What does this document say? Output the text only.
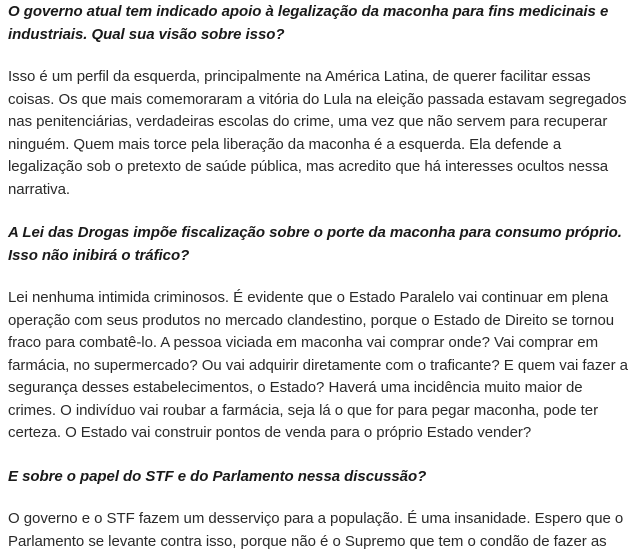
O governo atual tem indicado apoio à legalização da maconha para fins medicinais e industriais. Qual sua visão sobre isso?

Isso é um perfil da esquerda, principalmente na América Latina, de querer facilitar essas coisas. Os que mais comemoraram a vitória do Lula na eleição passada estavam segregados nas penitenciárias, verdadeiras escolas do crime, uma vez que não servem para recuperar ninguém. Quem mais torce pela liberação da maconha é a esquerda. Ela defende a legalização sob o pretexto de saúde pública, mas acredito que há interesses ocultos nessa narrativa.

A Lei das Drogas impõe fiscalização sobre o porte da maconha para consumo próprio. Isso não inibirá o tráfico?

Lei nenhuma intimida criminosos. É evidente que o Estado Paralelo vai continuar em plena operação com seus produtos no mercado clandestino, porque o Estado de Direito se tornou fraco para combatê-lo. A pessoa viciada em maconha vai comprar onde? Vai comprar em farmácia, no supermercado? Ou vai adquirir diretamente com o traficante? E quem vai fazer a segurança desses estabelecimentos, o Estado? Haverá uma incidência muito maior de crimes. O indivíduo vai roubar a farmácia, seja lá o que for para pegar maconha, pode ter certeza. O Estado vai construir pontos de venda para o próprio Estado vender?

E sobre o papel do STF e do Parlamento nessa discussão?

O governo e o STF fazem um desserviço para a população. É uma insanidade. Espero que o Parlamento se levante contra isso, porque não é o Supremo que tem o condão de fazer as
